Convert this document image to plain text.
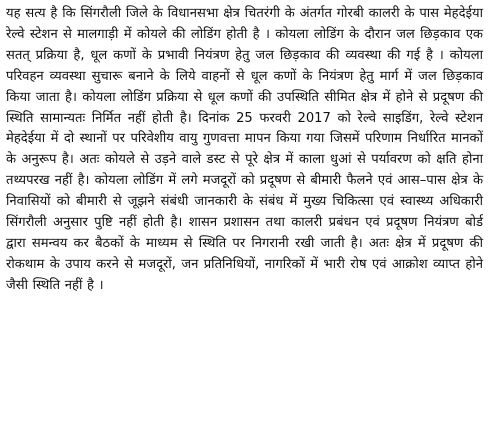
यह सत्य है कि सिंगरौली जिले के विधानसभा क्षेत्र चितरंगी के अंतर्गत गोरबी कालरी के पास मेहदेईया रेल्वे स्टेशन से मालगाड़ी में कोयले की लोडिंग होती है । कोयला लोडिंग के दौरान जल छिड़काव एक सतत् प्रक्रिया है, धूल कणों के प्रभावी नियंत्रण हेतु जल छिड़काव की व्यवस्था की गई है । कोयला परिवहन व्यवस्था सुचारू बनाने के लिये वाहनों से धूल कणों के नियंत्रण हेतु मार्ग में जल छिड़काव किया जाता है। कोयला लोडिंग प्रक्रिया से धूल कणों की उपस्थिति सीमित क्षेत्र में होने से प्रदूषण की स्थिति सामान्यतः निर्मित नहीं होती है। दिनांक 25 फरवरी 2017 को रेल्वे साइडिंग, रेल्वे स्टेशन मेहदेईया में दो स्थानों पर परिवेशीय वायु गुणवत्ता मापन किया गया जिसमें परिणाम निर्धारित मानकों के अनुरूप है। अतः कोयले से उड़ने वाले डस्ट से पूरे क्षेत्र में काला धुआं से पर्यावरण को क्षति होना तथ्यपरख नहीं है। कोयला लोडिंग में लगे मजदूरों को प्रदूषण से बीमारी फैलने एवं आस–पास क्षेत्र के निवासियों को बीमारी से जूझने संबंधी जानकारी के संबंध में मुख्य चिकित्सा एवं स्वास्थ्य अधिकारी सिंगरौली अनुसार पुष्टि नहीं होती है। शासन प्रशासन तथा कालरी प्रबंधन एवं प्रदूषण नियंत्रण बोर्ड द्वारा समन्वय कर बैठकों के माध्यम से स्थिति पर निगरानी रखी जाती है। अतः क्षेत्र में प्रदूषण की रोकथाम के उपाय करने से मजदूरों, जन प्रतिनिधियों, नागरिकों में भारी रोष एवं आक्रोश व्याप्त होने जैसी स्थिति नहीं है ।
